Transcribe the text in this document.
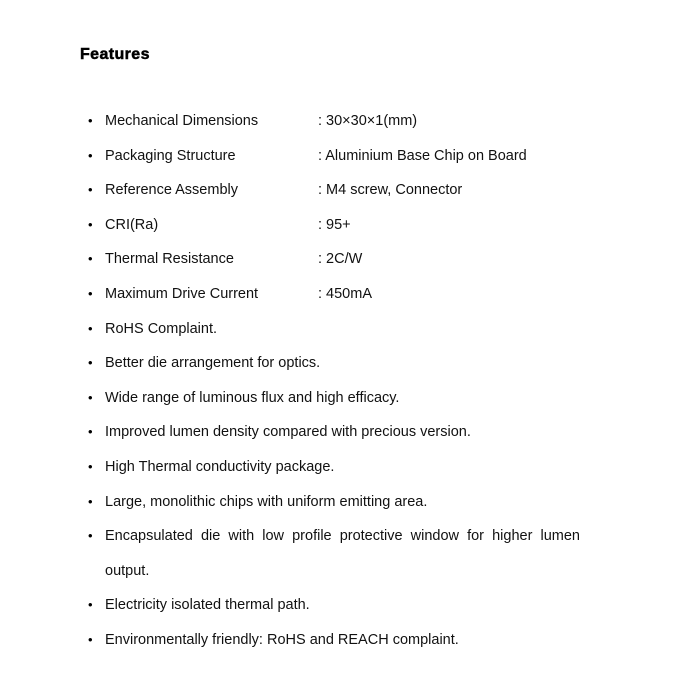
Features
• Mechanical Dimensions	: 30×30×1(mm)
• Packaging Structure	: Aluminium Base Chip on Board
• Reference Assembly	: M4 screw, Connector
• CRI(Ra)	: 95+
• Thermal Resistance	: 2C/W
• Maximum Drive Current	: 450mA
• RoHS Complaint.
• Better die arrangement for optics.
• Wide range of luminous flux and high efficacy.
• Improved lumen density compared with precious version.
• High Thermal conductivity package.
• Large, monolithic chips with uniform emitting area.
• Encapsulated die with low profile protective window for higher lumen output.
• Electricity isolated thermal path.
• Environmentally friendly: RoHS and REACH complaint.
